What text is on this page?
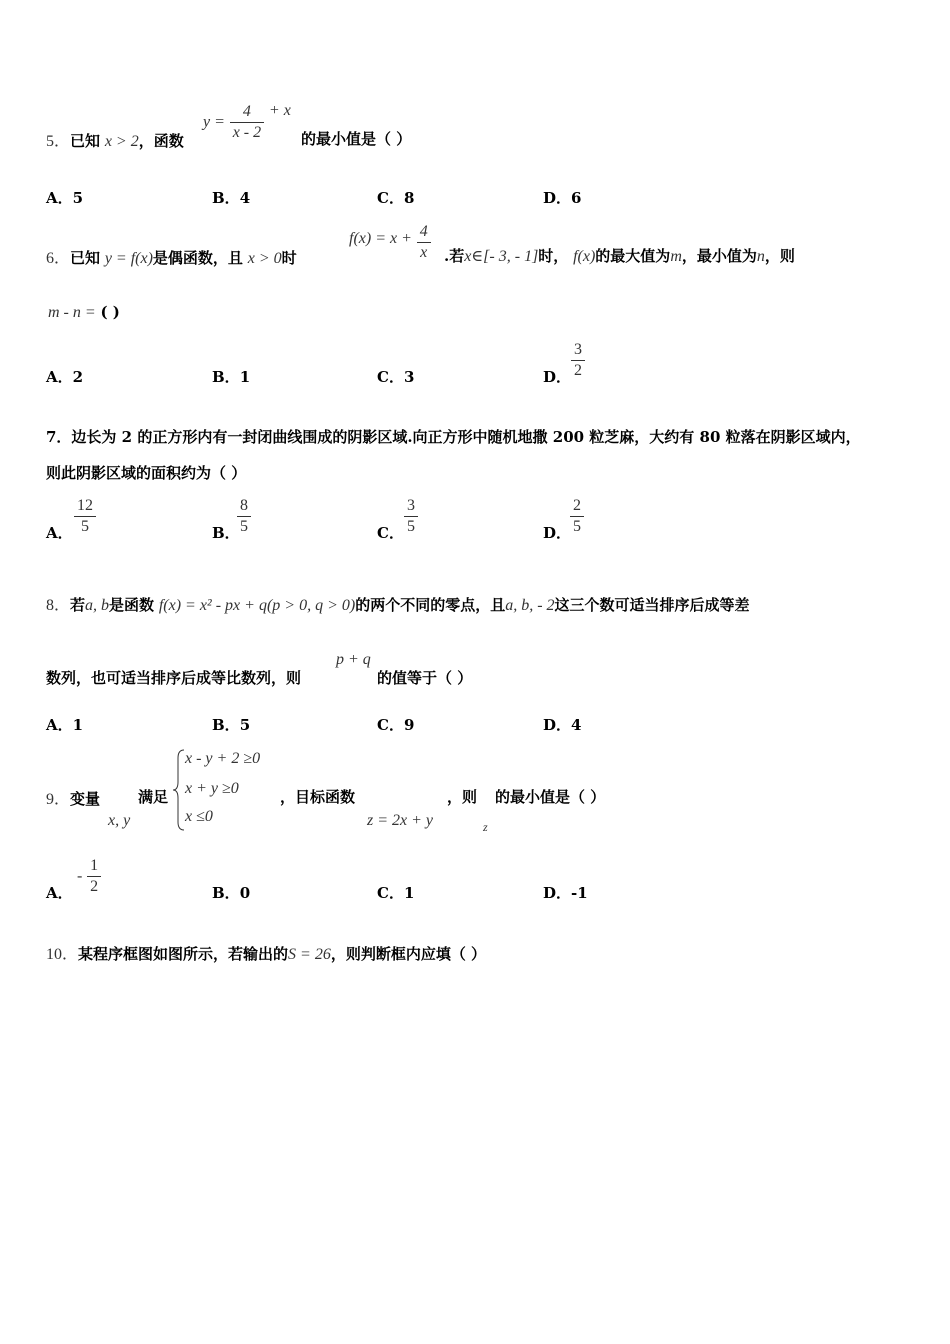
5．已知 x > 2，函数
$y = \frac{4}{x - 2} + x$
的最小值是（ ）
A．5	B．4	C．8	D．6
6．已知 y = f(x)是偶函数，且 x > 0时
$f(x) = x + \frac{4}{x}$ .若x∈[- 3, - 1]时， f(x)的最大值为m，最小值为n，则
m - n = ( )
A．2	B．1	C．3	D． $\frac{3}{2}$
7．边长为 2 的正方形内有一封闭曲线围成的阴影区域.向正方形中随机地撒 200 粒芝麻，大约有 80 粒落在阴影区域内，
则此阴影区域的面积约为（ ）
A． $\frac{12}{5}$	B．
$\frac{8}{5}$	C． $\frac{3}{5}$	D．
$\frac{2}{5}$
8．若a, b是函数 f(x) = x² - px + q(p > 0, q > 0)的两个不同的零点，且a, b, - 2这三个数可适当排序后成等差
数列，也可适当排序后成等比数列，则
p + q
的值等于（ ）
A．1	B．5	C．9	D．4
9．变量
x, y
满足
x - y + 2 ≥0
x + y ≥0
x ≤0
，目标函数
z = 2x + y
，则
z
的最小值是（ ）
A．
- $\frac{1}{2}$	B．0	C．1	D．-1
10．某程序框图如图所示，若输出的S = 26，则判断框内应填（ ）
